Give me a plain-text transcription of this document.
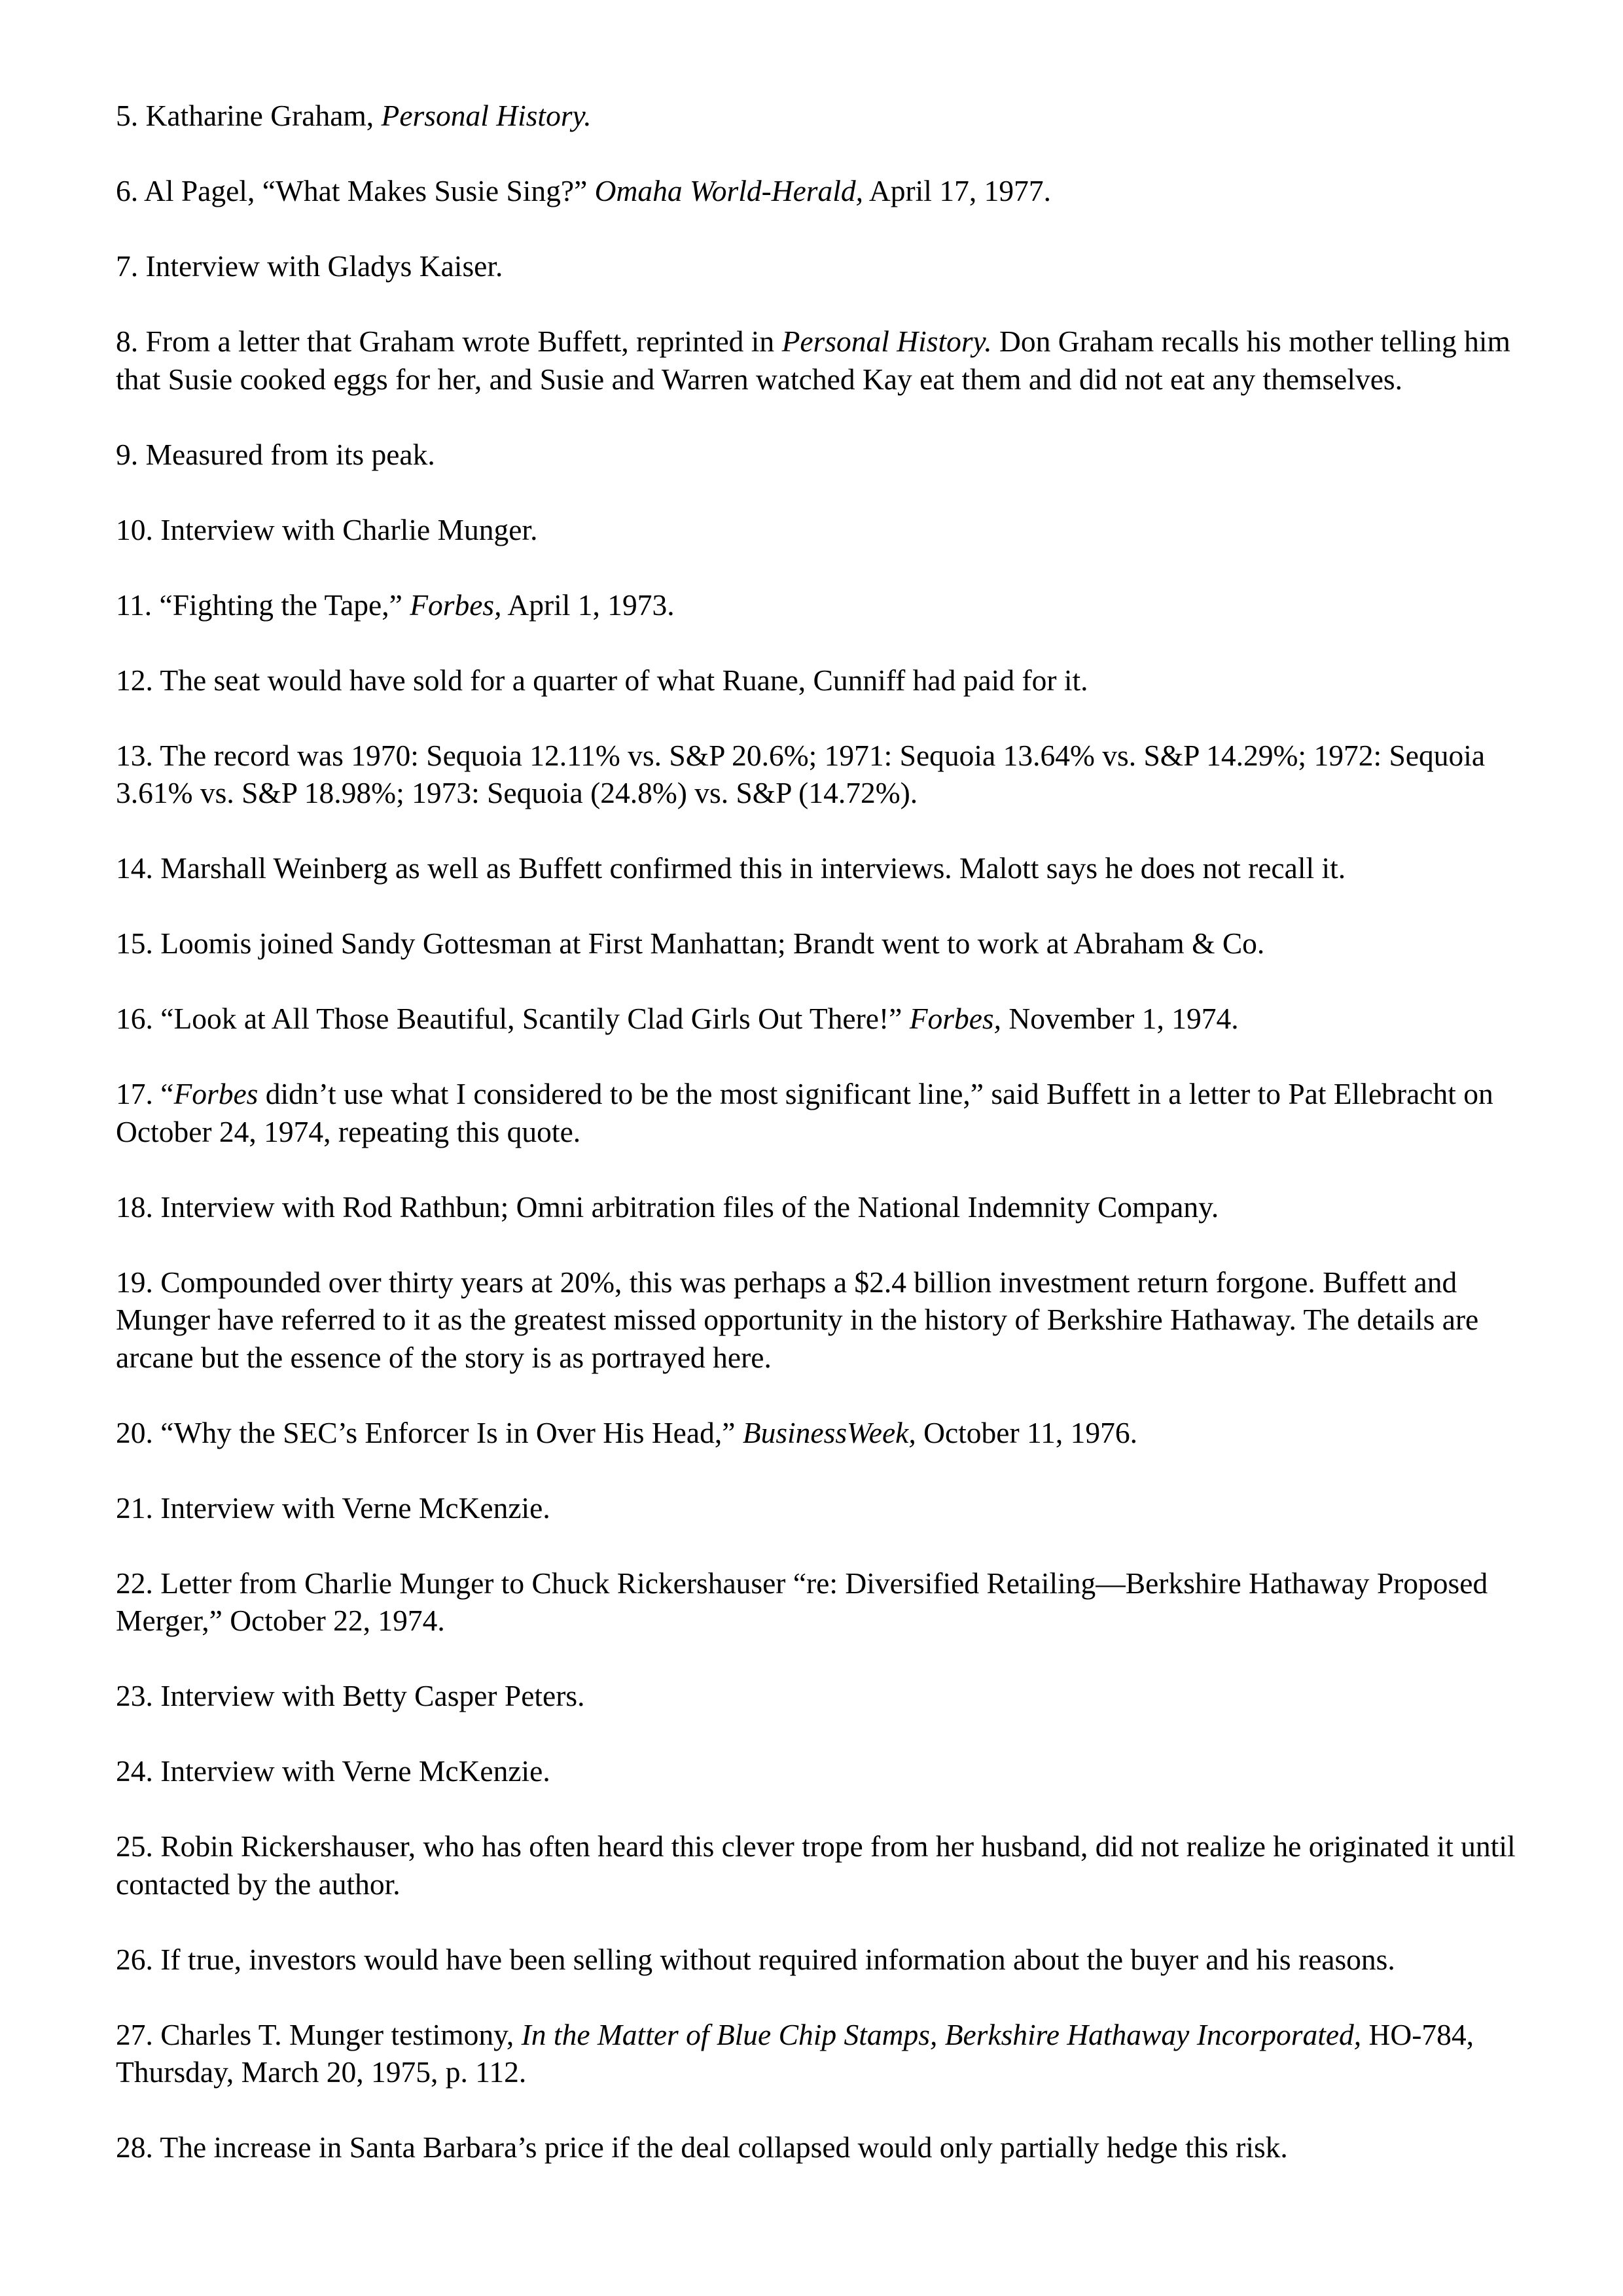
5. Katharine Graham, Personal History.
6. Al Pagel, “What Makes Susie Sing?” Omaha World-Herald, April 17, 1977.
7. Interview with Gladys Kaiser.
8. From a letter that Graham wrote Buffett, reprinted in Personal History. Don Graham recalls his mother telling him that Susie cooked eggs for her, and Susie and Warren watched Kay eat them and did not eat any themselves.
9. Measured from its peak.
10. Interview with Charlie Munger.
11. “Fighting the Tape,” Forbes, April 1, 1973.
12. The seat would have sold for a quarter of what Ruane, Cunniff had paid for it.
13. The record was 1970: Sequoia 12.11% vs. S&P 20.6%; 1971: Sequoia 13.64% vs. S&P 14.29%; 1972: Sequoia 3.61% vs. S&P 18.98%; 1973: Sequoia (24.8%) vs. S&P (14.72%).
14. Marshall Weinberg as well as Buffett confirmed this in interviews. Malott says he does not recall it.
15. Loomis joined Sandy Gottesman at First Manhattan; Brandt went to work at Abraham & Co.
16. “Look at All Those Beautiful, Scantily Clad Girls Out There!” Forbes, November 1, 1974.
17. “Forbes didn’t use what I considered to be the most significant line,” said Buffett in a letter to Pat Ellebracht on October 24, 1974, repeating this quote.
18. Interview with Rod Rathbun; Omni arbitration files of the National Indemnity Company.
19. Compounded over thirty years at 20%, this was perhaps a $2.4 billion investment return forgone. Buffett and Munger have referred to it as the greatest missed opportunity in the history of Berkshire Hathaway. The details are arcane but the essence of the story is as portrayed here.
20. “Why the SEC’s Enforcer Is in Over His Head,” BusinessWeek, October 11, 1976.
21. Interview with Verne McKenzie.
22. Letter from Charlie Munger to Chuck Rickershauser “re: Diversified Retailing—Berkshire Hathaway Proposed Merger,” October 22, 1974.
23. Interview with Betty Casper Peters.
24. Interview with Verne McKenzie.
25. Robin Rickershauser, who has often heard this clever trope from her husband, did not realize he originated it until contacted by the author.
26. If true, investors would have been selling without required information about the buyer and his reasons.
27. Charles T. Munger testimony, In the Matter of Blue Chip Stamps, Berkshire Hathaway Incorporated, HO-784, Thursday, March 20, 1975, p. 112.
28. The increase in Santa Barbara’s price if the deal collapsed would only partially hedge this risk.
